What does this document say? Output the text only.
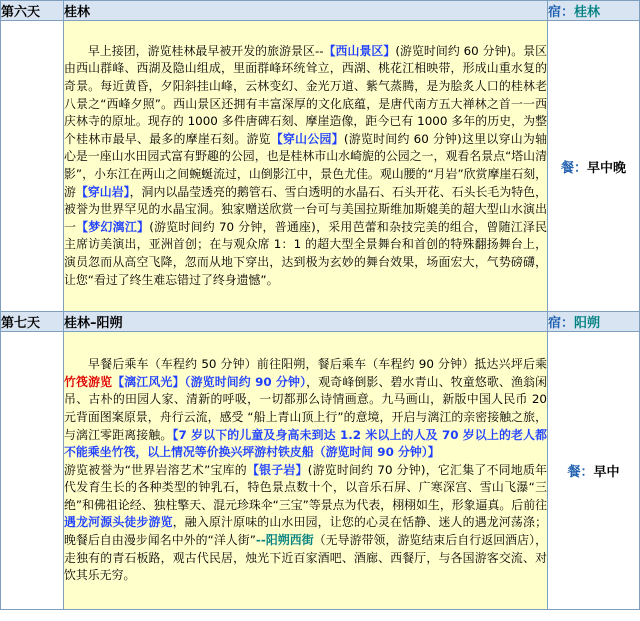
第六天	桂林	宿：桂林
	早上接团，游览桂林最早被开发的旅游景区--【西山景区】(游览时间约 60 分钟)。景区由西山群峰、西湖及隐山组成，里面群峰环统耸立，西湖、桃花江相映带，形成山重水复的奇景。每近黄昏，夕阳斜挂山峰，云林变幻、金光万道、紫气蒸腾，是为脍炙人口的桂林老八景之“西峰夕照”。西山景区还拥有丰富深厚的文化底蕴，是唐代南方五大禅林之首一一西庆林寺的原址。现存的 1000 多件唐碑石刻、摩崖造像，距今已有 1000 多年的历史，为整个桂林市最早、最多的摩崖石刻。游览【穿山公园】(游览时间约 60 分钟)这里以穿山为轴心是一座山水田园式富有野趣的公园，也是桂林市山水崎旎的公园之一，观看名景点“塔山清影”，小东江在两山之间蜿蜒流过，山倒影江中，景色尤佳。观山腰的“月岩”欣赏摩崖石刻，游【穿山岩】，洞内以晶莹透亮的鹅管石、雪白透明的水晶石、石头开花、石头长毛为特色，被誉为世界罕见的水晶宝洞。独家赠送欣赏一台可与美国拉斯维加斯媲美的超大型山水演出一【梦幻漓江】(游览时间约 70 分钟，普通座)，采用芭蕾和杂技完美的组合，曾随江泽民主席访美演出，亚洲首创；在与观众席 1：1 的超大型全景舞台和首创的特殊翻扬舞台上，演员忽而从高空飞降，忽而从地下穿出，达到极为玄妙的舞台效果，场面宏大，气势磅礴，让您“看过了终生难忘错过了终身遗憾”。	餐：早中晚
第七天	桂林–阳朔	宿：阳朔
	早餐后乘车（车程约 50 分钟）前往阳朔，餐后乘车（车程约 90 分钟）抵达兴坪后乘竹筏游览【漓江风光】（游览时间约 90 分钟），观奇峰倒影、碧水青山、牧童悠歌、渔翁闲吊、古朴的田园人家、清新的呼吸，一切都那么诗情画意。九马画山，新版中国人民币 20 元背面图案原景，舟行云流，感受 “船上青山顶上行”的意境，开启与漓江的亲密接触之旅，与漓江零距离接触。【7 岁以下的儿童及身高未到达 1.2 米以上的人及 70 岁以上的老人都不能乘坐竹筏，以上情况等价换兴坪游村铁皮船（游览时间 90 分钟）】
游览被誉为“世界岩溶艺术”宝库的【银子岩】(游览时间约 70 分钟)，它汇集了不同地质年代发育生长的各种类型的钟乳石，特色景点数十个，以音乐石屏、广寒深宫、雪山飞瀑“三绝”和佛祖论经、独柱擎天、混元珍珠伞“三宝”等景点为代表，栩栩如生，形象逼真。后前往遇龙河源头徒步游览，融入原汁原味的山水田园，让您的心灵在恬静、迷人的遇龙河荡涤；晚餐后自由漫步闻名中外的“洋人街”--阳朔西街（无导游带领，游览结束后自行返回酒店），走独有的青石板路，观古代民居，烛光下近百家酒吧、酒廊、西餐厅，与各国游客交流、对饮其乐无穷。	餐：早中
